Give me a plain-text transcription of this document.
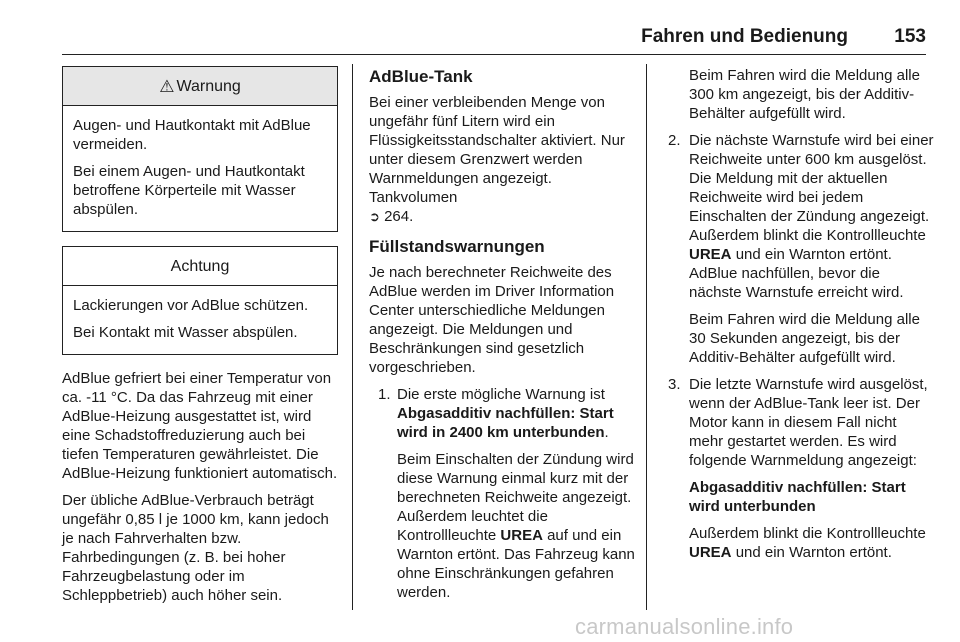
Fahren und Bedienung 153
⚠ Warnung

Augen- und Hautkontakt mit AdBlue vermeiden.

Bei einem Augen- und Hautkontakt betroffene Körperteile mit Wasser abspülen.

Achtung

Lackierungen vor AdBlue schützen.

Bei Kontakt mit Wasser abspülen.

AdBlue gefriert bei einer Temperatur von ca. -11 °C. Da das Fahrzeug mit einer AdBlue-Heizung ausgestattet ist, wird eine Schadstoffreduzierung auch bei tiefen Temperaturen gewährleistet. Die AdBlue-Heizung funktioniert automatisch.

Der übliche AdBlue-Verbrauch beträgt ungefähr 0,85 l je 1000 km, kann jedoch je nach Fahrverhalten bzw. Fahrbedingungen (z. B. bei hoher Fahrzeugbelastung oder im Schleppbetrieb) auch höher sein.

AdBlue-Tank

Bei einer verbleibenden Menge von ungefähr fünf Litern wird ein Flüssigkeitsstandschalter aktiviert. Nur unter diesem Grenzwert werden Warnmeldungen angezeigt. Tankvolumen
➲ 264.

Füllstandswarnungen

Je nach berechneter Reichweite des AdBlue werden im Driver Information Center unterschiedliche Meldungen angezeigt. Die Meldungen und Beschränkungen sind gesetzlich vorgeschrieben.

1. Die erste mögliche Warnung ist Abgasadditiv nachfüllen: Start wird in 2400 km unterbunden.

Beim Einschalten der Zündung wird diese Warnung einmal kurz mit der berechneten Reichweite angezeigt. Außerdem leuchtet die Kontrollleuchte UREA auf und ein Warnton ertönt. Das Fahrzeug kann ohne Einschränkungen gefahren werden.

Beim Fahren wird die Meldung alle 300 km angezeigt, bis der Additiv-Behälter aufgefüllt wird.

2. Die nächste Warnstufe wird bei einer Reichweite unter 600 km ausgelöst. Die Meldung mit der aktuellen Reichweite wird bei jedem Einschalten der Zündung angezeigt. Außerdem blinkt die Kontrollleuchte UREA und ein Warnton ertönt. AdBlue nachfüllen, bevor die nächste Warnstufe erreicht wird.

Beim Fahren wird die Meldung alle 30 Sekunden angezeigt, bis der Additiv-Behälter aufgefüllt wird.

3. Die letzte Warnstufe wird ausgelöst, wenn der AdBlue-Tank leer ist. Der Motor kann in diesem Fall nicht mehr gestartet werden. Es wird folgende Warnmeldung angezeigt:

Abgasadditiv nachfüllen: Start wird unterbunden

Außerdem blinkt die Kontrollleuchte UREA und ein Warnton ertönt.

carmanualsonline.info
